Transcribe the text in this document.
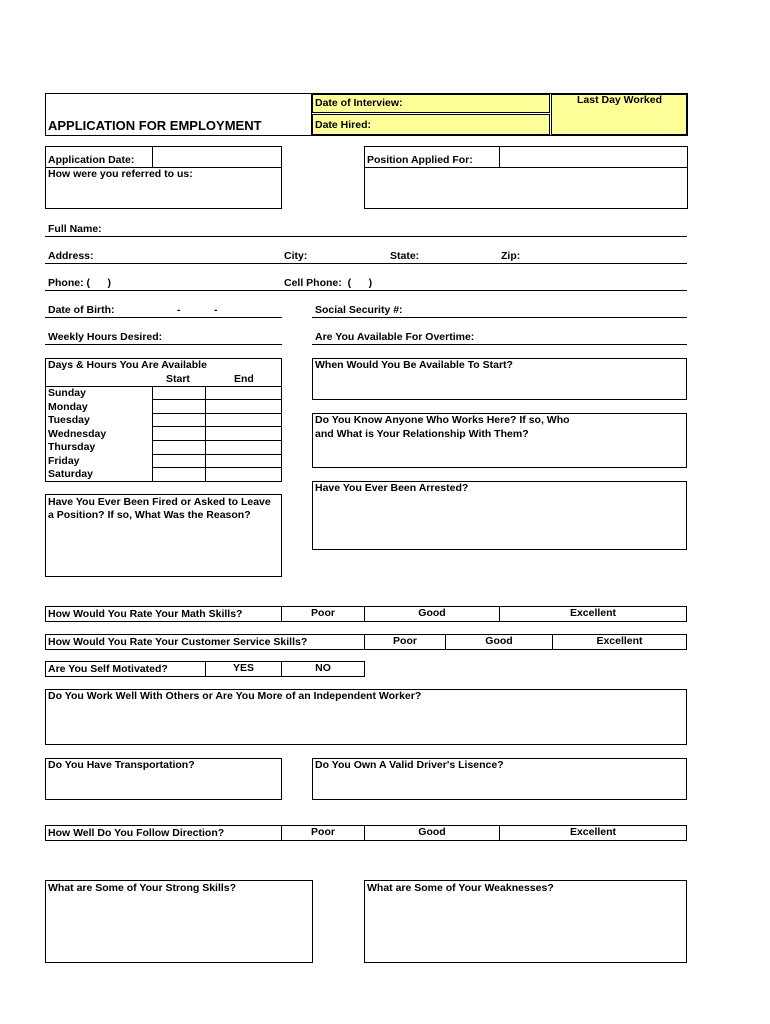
APPLICATION FOR EMPLOYMENT
Date of Interview:
Date Hired:
Last Day Worked
Application Date:
How were you referred to us:
Position Applied For:
Full Name:
Address:	City:	State:	Zip:
Phone: (      )	Cell Phone:  (      )
Date of Birth:	-	-	Social Security #:
Weekly Hours Desired:	Are You Available For Overtime:
Days & Hours You Are Available
Start	End
Sunday
Monday
Tuesday
Wednesday
Thursday
Friday
Saturday
When Would You Be Available To Start?
Do You Know Anyone Who Works Here? If so, Who
and What is Your Relationship With Them?
Have You Ever Been Arrested?
Have You Ever Been Fired or Asked to Leave
a Position? If so, What Was the Reason?
How Would You Rate Your Math Skills?	Poor	Good	Excellent
How Would You Rate Your Customer Service Skills?	Poor	Good	Excellent
Are You Self Motivated?	YES	NO
Do You Work Well With Others or Are You More of an Independent Worker?
Do You Have Transportation?	Do You Own A Valid Driver's Lisence?
How Well Do You Follow Direction?	Poor	Good	Excellent
What are Some of Your Strong Skills?	What are Some of Your Weaknesses?
